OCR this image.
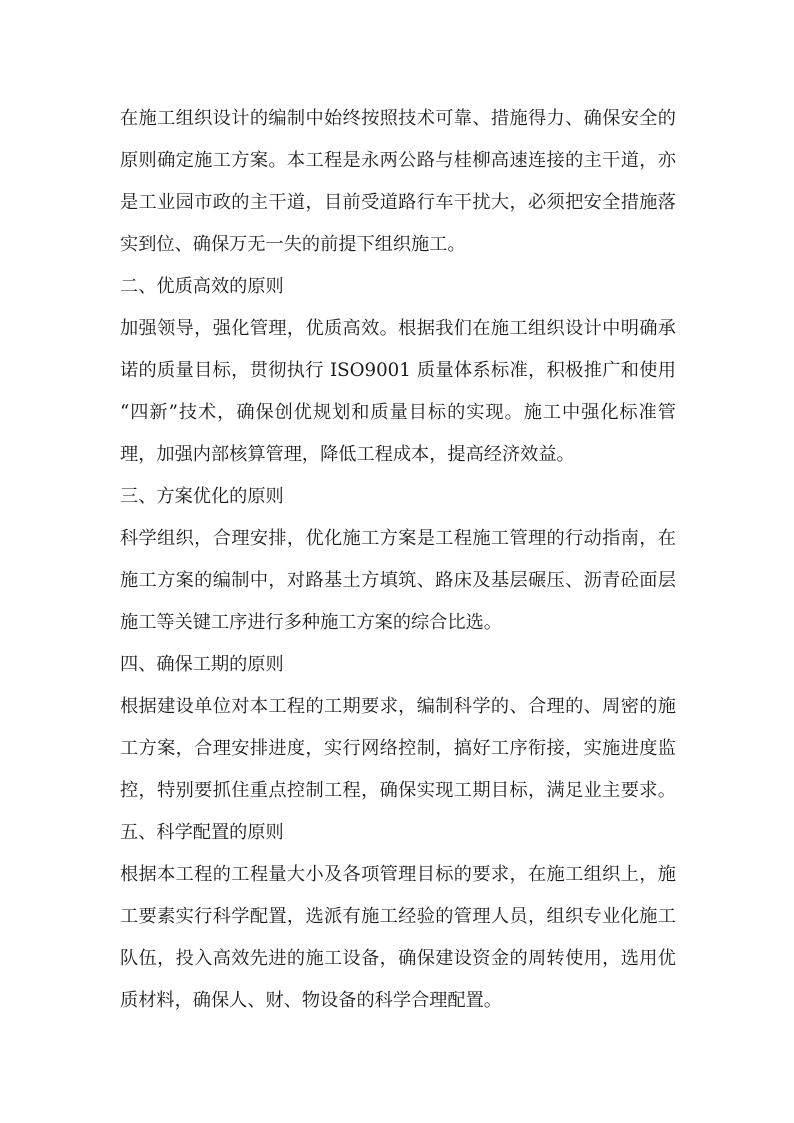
在施工组织设计的编制中始终按照技术可靠、措施得力、确保安全的
原则确定施工方案。本工程是永两公路与桂柳高速连接的主干道，亦
是工业园市政的主干道，目前受道路行车干扰大，必须把安全措施落
实到位、确保万无一失的前提下组织施工。
二、优质高效的原则
加强领导，强化管理，优质高效。根据我们在施工组织设计中明确承
诺的质量目标，贯彻执行 ISO9001 质量体系标准，积极推广和使用
“四新”技术，确保创优规划和质量目标的实现。施工中强化标准管
理，加强内部核算管理，降低工程成本，提高经济效益。
三、方案优化的原则
科学组织，合理安排，优化施工方案是工程施工管理的行动指南，在
施工方案的编制中，对路基土方填筑、路床及基层碾压、沥青砼面层
施工等关键工序进行多种施工方案的综合比选。
四、确保工期的原则
根据建设单位对本工程的工期要求，编制科学的、合理的、周密的施
工方案，合理安排进度，实行网络控制，搞好工序衔接，实施进度监
控，特别要抓住重点控制工程，确保实现工期目标，满足业主要求。
五、科学配置的原则
根据本工程的工程量大小及各项管理目标的要求，在施工组织上，施
工要素实行科学配置，选派有施工经验的管理人员，组织专业化施工
队伍，投入高效先进的施工设备，确保建设资金的周转使用，选用优
质材料，确保人、财、物设备的科学合理配置。
